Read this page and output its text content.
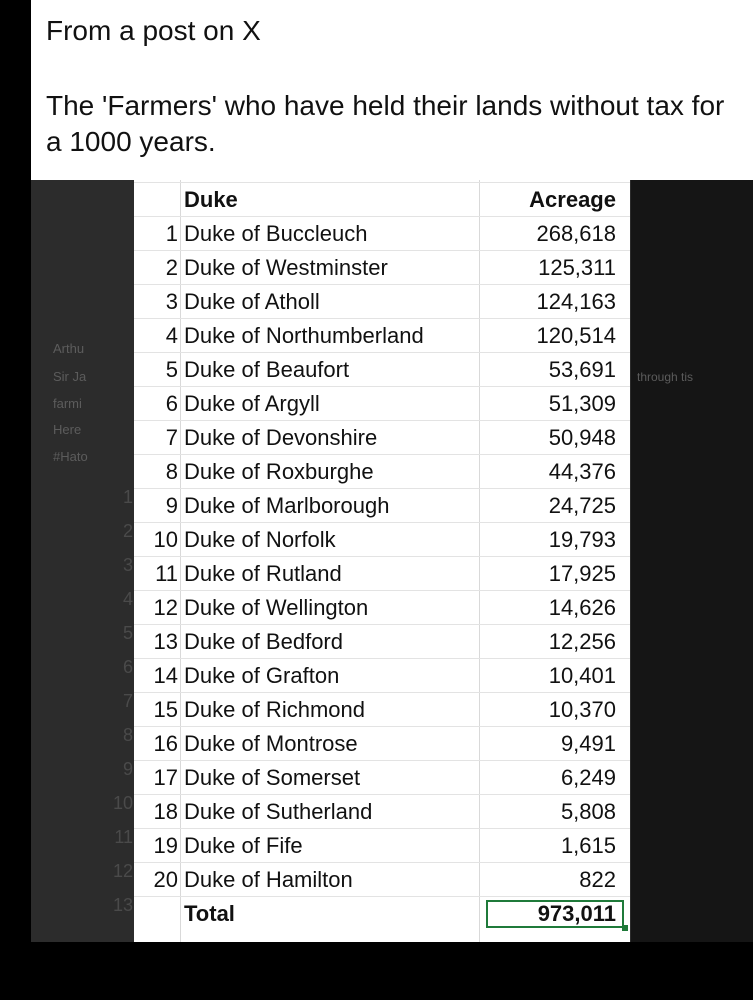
From a post on X
The 'Farmers' who have held their lands without tax for a 1000 years.
Arthu
Sir Ja
farmi
Here
#Hato
1
2
3
4
5
6
7
8
9
10
11
12
13
Duke	Acreage
1 Duke of Buccleuch	268,618
2 Duke of Westminster	125,311
3 Duke of Atholl	124,163
4 Duke of Northumberland	120,514
5 Duke of Beaufort	53,691
6 Duke of Argyll	51,309
7 Duke of Devonshire	50,948
8 Duke of Roxburghe	44,376
9 Duke of Marlborough	24,725
10 Duke of Norfolk	19,793
11 Duke of Rutland	17,925
12 Duke of Wellington	14,626
13 Duke of Bedford	12,256
14 Duke of Grafton	10,401
15 Duke of Richmond	10,370
16 Duke of Montrose	9,491
17 Duke of Somerset	6,249
18 Duke of Sutherland	5,808
19 Duke of Fife	1,615
20 Duke of Hamilton	822
Total	973,011
through tis
